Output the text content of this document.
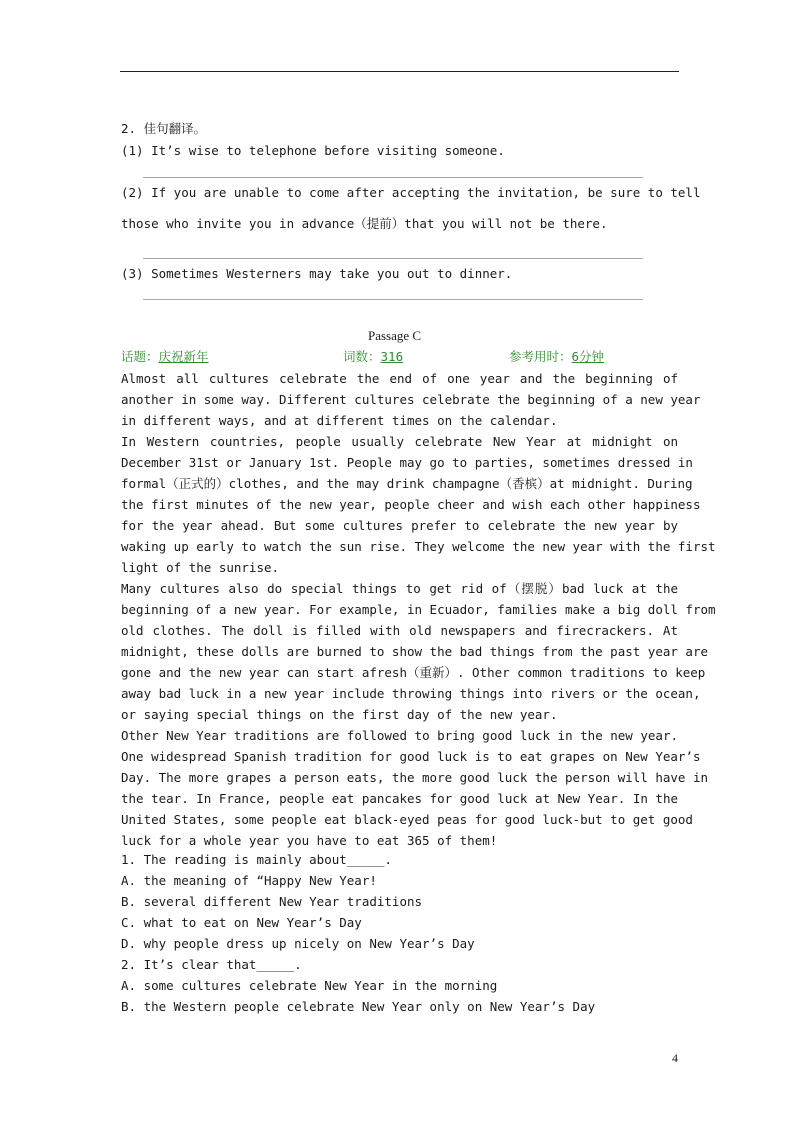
2. 佳句翻译。
(1) It’s wise to telephone before visiting someone.
(2) If you are unable to come after accepting the invitation, be sure to tell
those who invite you in advance（提前）that you will not be there.
(3) Sometimes Westerners may take you out to dinner.
Passage C
话题：庆祝新年	词数：316	参考用时：6分钟
Almost all cultures celebrate the end of one year and the beginning of
another in some way. Different cultures celebrate the beginning of a new year
in different ways, and at different times on the calendar.
In Western countries, people usually celebrate New Year at midnight on
December 31st or January 1st. People may go to parties, sometimes dressed in
formal（正式的）clothes, and the may drink champagne（香槟）at midnight. During
the first minutes of the new year, people cheer and wish each other happiness
for the year ahead. But some cultures prefer to celebrate the new year by
waking up early to watch the sun rise. They welcome the new year with the first
light of the sunrise.
Many cultures also do special things to get rid of（摆脱）bad luck at the
beginning of a new year. For example, in Ecuador, families make a big doll from
old clothes. The doll is filled with old newspapers and firecrackers. At
midnight, these dolls are burned to show the bad things from the past year are
gone and the new year can start afresh（重新）. Other common traditions to keep
away bad luck in a new year include throwing things into rivers or the ocean,
or saying special things on the first day of the new year.
Other New Year traditions are followed to bring good luck in the new year.
One widespread Spanish tradition for good luck is to eat grapes on New Year’s
Day. The more grapes a person eats, the more good luck the person will have in
the tear. In France, people eat pancakes for good luck at New Year. In the
United States, some people eat black-eyed peas for good luck-but to get good
luck for a whole year you have to eat 365 of them!
1. The reading is mainly about_____.
A. the meaning of “Happy New Year!
B. several different New Year traditions
C. what to eat on New Year’s Day
D. why people dress up nicely on New Year’s Day
2. It’s clear that_____.
A. some cultures celebrate New Year in the morning
B. the Western people celebrate New Year only on New Year’s Day
4
